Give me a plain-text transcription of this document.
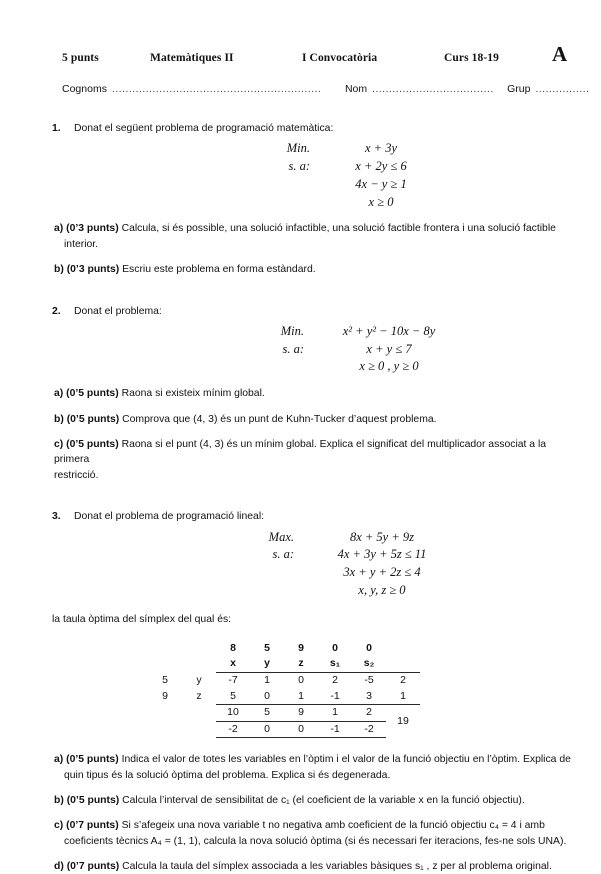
5 punts	Matemàtiques II	I Convocatòria	Curs 18-19	A
Cognoms ..............................................................	Nom ....................................	Grup ................
1.	Donat el següent problema de programació matemàtica:
Min.	x + 3y
s. a:	x + 2y ≤ 6
4x − y ≥ 1
x ≥ 0

a) (0’3 punts) Calcula, si és possible, una solució infactible, una solució factible frontera i una solució factible

interior.

b) (0’3 punts) Escriu este problema en forma estàndard.

2.	Donat el problema:
Min.	x² + y² − 10x − 8y
s. a:	x + y ≤ 7
x ≥ 0 , y ≥ 0

a) (0’5 punts) Raona si existeix mínim global.

b) (0’5 punts) Comprova que (4, 3) és un punt de Kuhn-Tucker d’aquest problema.

c) (0’5 punts) Raona si el punt (4, 3) és un mínim global. Explica el significat del multiplicador associat a la primera

restricció.

3.	Donat el problema de programació lineal:
Max.	8x + 5y + 9z
s. a:	4x + 3y + 5z ≤ 11
3x + y + 2z ≤ 4
x, y, z ≥ 0
la taula òptima del símplex del qual és:
		8	5	9	0	0	
		x	y	z	s₁	s₂	
5	y	-7	1	0	2	-5	2
9	z	5	0	1	-1	3	1
		10	5	9	1	2	19
		-2	0	0	-1	-2	

a) (0’5 punts) Indica el valor de totes les variables en l’òptim i el valor de la funció objectiu en l’òptim. Explica de

quin tipus és la solució òptima del problema. Explica si és degenerada.

b) (0’5 punts) Calcula l’interval de sensibilitat de c₁ (el coeficient de la variable x en la funció objectiu).

c) (0’7 punts) Si s’afegeix una nova variable t no negativa amb coeficient de la funció objectiu c₄ = 4 i amb

coeficients tècnics A₄ = (1, 1), calcula la nova solució òptima (si és necessari fer iteracions, fes-ne sols UNA).

d) (0’7 punts) Calcula la taula del símplex associada a les variables bàsiques s₁ , z per al problema original.
